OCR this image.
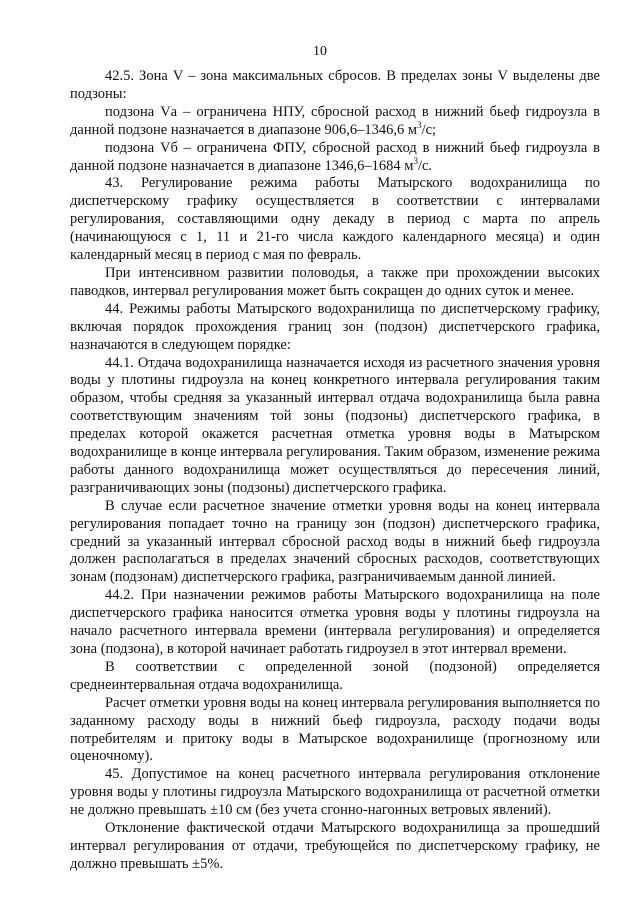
10

42.5. Зона V – зона максимальных сбросов. В пределах зоны V выделены две подзоны:

подзона Vа – ограничена НПУ, сбросной расход в нижний бьеф гидроузла в данной подзоне назначается в диапазоне 906,6–1346,6 $м^3/с$;

подзона Vб – ограничена ФПУ, сбросной расход в нижний бьеф гидроузла в данной подзоне назначается в диапазоне 1346,6–1684 $м^3/с$.

43. Регулирование режима работы Матырского водохранилища по диспетчерскому графику осуществляется в соответствии с интервалами регулирования, составляющими одну декаду в период с марта по апрель (начинающуюся с 1, 11 и 21-го числа каждого календарного месяца) и один календарный месяц в период с мая по февраль.

При интенсивном развитии половодья, а также при прохождении высоких паводков, интервал регулирования может быть сокращен до одних суток и менее.

44. Режимы работы Матырского водохранилища по диспетчерскому графику, включая порядок прохождения границ зон (подзон) диспетчерского графика, назначаются в следующем порядке:

44.1. Отдача водохранилища назначается исходя из расчетного значения уровня воды у плотины гидроузла на конец конкретного интервала регулирования таким образом, чтобы средняя за указанный интервал отдача водохранилища была равна соответствующим значениям той зоны (подзоны) диспетчерского графика, в пределах которой окажется расчетная отметка уровня воды в Матырском водохранилище в конце интервала регулирования. Таким образом, изменение режима работы данного водохранилища может осуществляться до пересечения линий, разграничивающих зоны (подзоны) диспетчерского графика.

В случае если расчетное значение отметки уровня воды на конец интервала регулирования попадает точно на границу зон (подзон) диспетчерского графика, средний за указанный интервал сбросной расход воды в нижний бьеф гидроузла должен располагаться в пределах значений сбросных расходов, соответствующих зонам (подзонам) диспетчерского графика, разграничиваемым данной линией.

44.2. При назначении режимов работы Матырского водохранилища на поле диспетчерского графика наносится отметка уровня воды у плотины гидроузла на начало расчетного интервала времени (интервала регулирования) и определяется зона (подзона), в которой начинает работать гидроузел в этот интервал времени.

В соответствии с определенной зоной (подзоной) определяется среднеинтервальная отдача водохранилища.

Расчет отметки уровня воды на конец интервала регулирования выполняется по заданному расходу воды в нижний бьеф гидроузла, расходу подачи воды потребителям и притоку воды в Матырское водохранилище (прогнозному или оценочному).

45. Допустимое на конец расчетного интервала регулирования отклонение уровня воды у плотины гидроузла Матырского водохранилища от расчетной отметки не должно превышать ±10 см (без учета сгонно-нагонных ветровых явлений).

Отклонение фактической отдачи Матырского водохранилища за прошедший интервал регулирования от отдачи, требующейся по диспетчерскому графику, не должно превышать ±5%.
